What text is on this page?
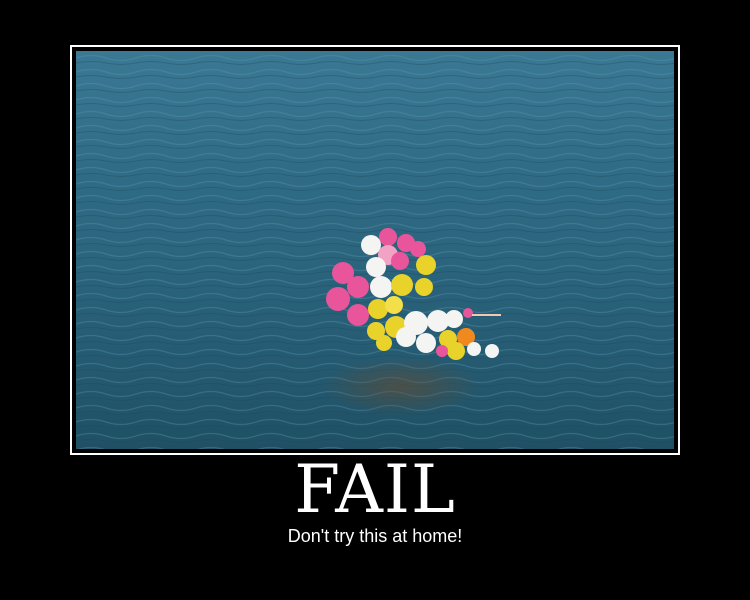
FAIL
Don't try this at home!
